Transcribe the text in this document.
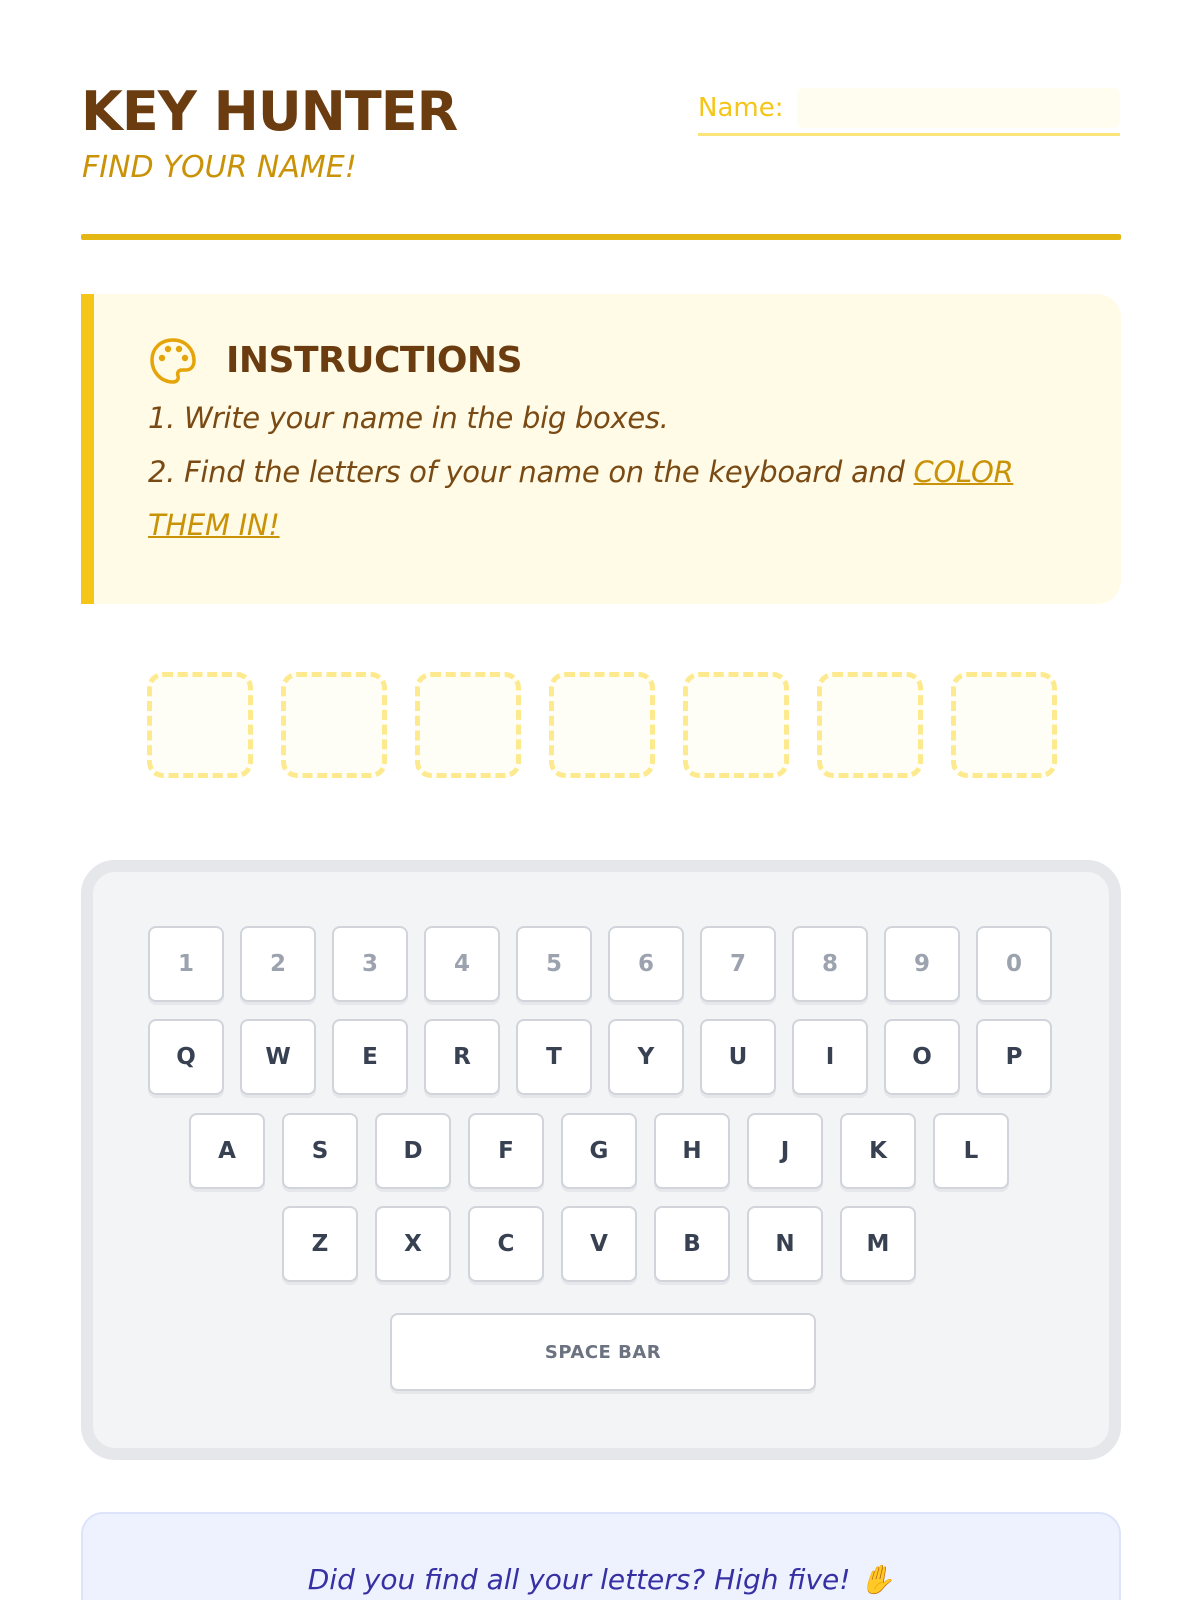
KEY HUNTER
FIND YOUR NAME!
Name:
INSTRUCTIONS

1. Write your name in the big boxes.

2. Find the letters of your name on the keyboard and COLOR THEM IN!

1	2	3	4	5	6	7	8	9	0
Q	W	E	R	T	Y	U	I	O	P
A	S	D	F	G	H	J	K	L
Z	X	C	V	B	N	M
SPACE BAR

Did you find all your letters? High five! ✋
